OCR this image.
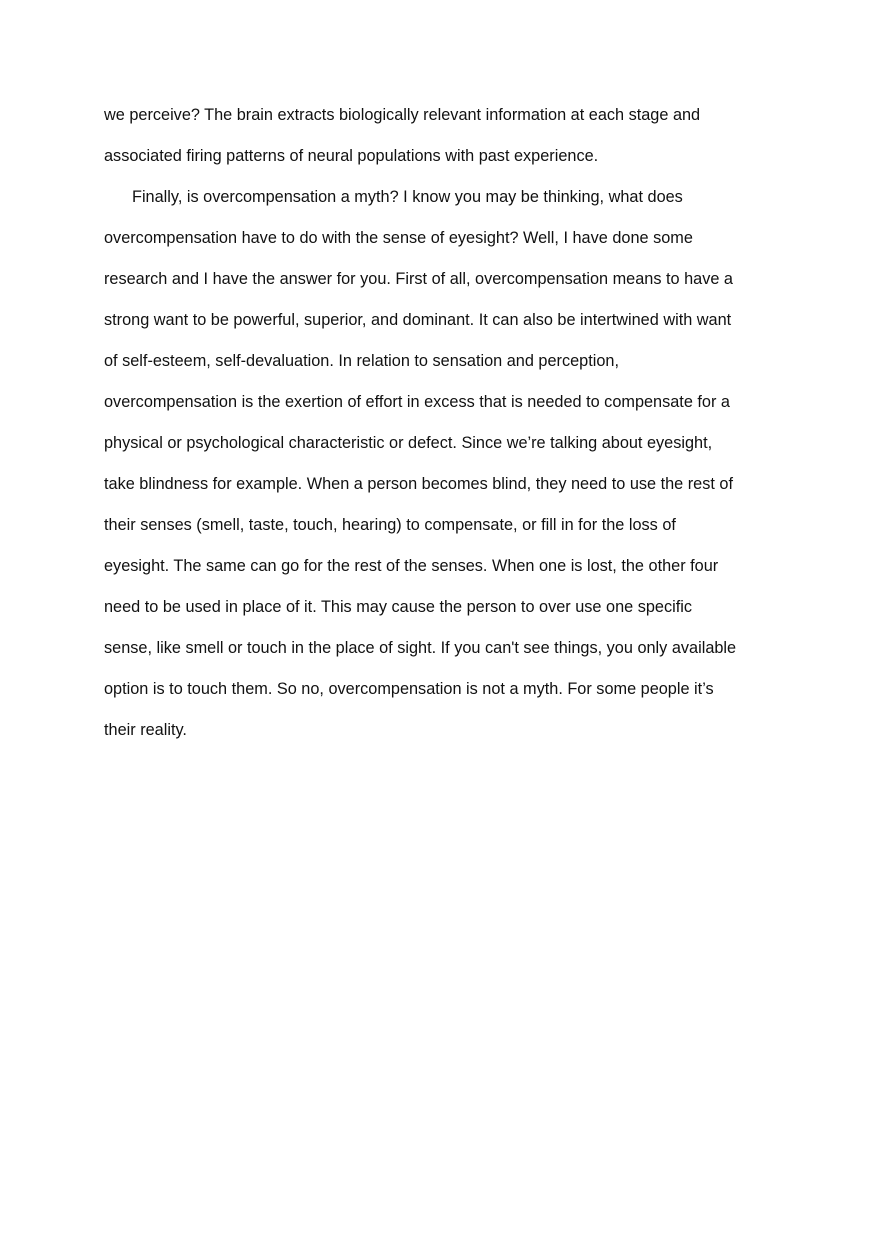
we perceive? The brain extracts biologically relevant information at each stage and
associated firing patterns of neural populations with past experience.
Finally, is overcompensation a myth? I know you may be thinking, what does
overcompensation have to do with the sense of eyesight? Well, I have done some
research and I have the answer for you. First of all, overcompensation means to have a
strong want to be powerful, superior, and dominant. It can also be intertwined with want
of self-esteem, self-devaluation. In relation to sensation and perception,
overcompensation is the exertion of effort in excess that is needed to compensate for a
physical or psychological characteristic or defect. Since we’re talking about eyesight,
take blindness for example. When a person becomes blind, they need to use the rest of
their senses (smell, taste, touch, hearing) to compensate, or fill in for the loss of
eyesight. The same can go for the rest of the senses. When one is lost, the other four
need to be used in place of it. This may cause the person to over use one specific
sense, like smell or touch in the place of sight. If you can't see things, you only available
option is to touch them. So no, overcompensation is not a myth. For some people it’s
their reality.
